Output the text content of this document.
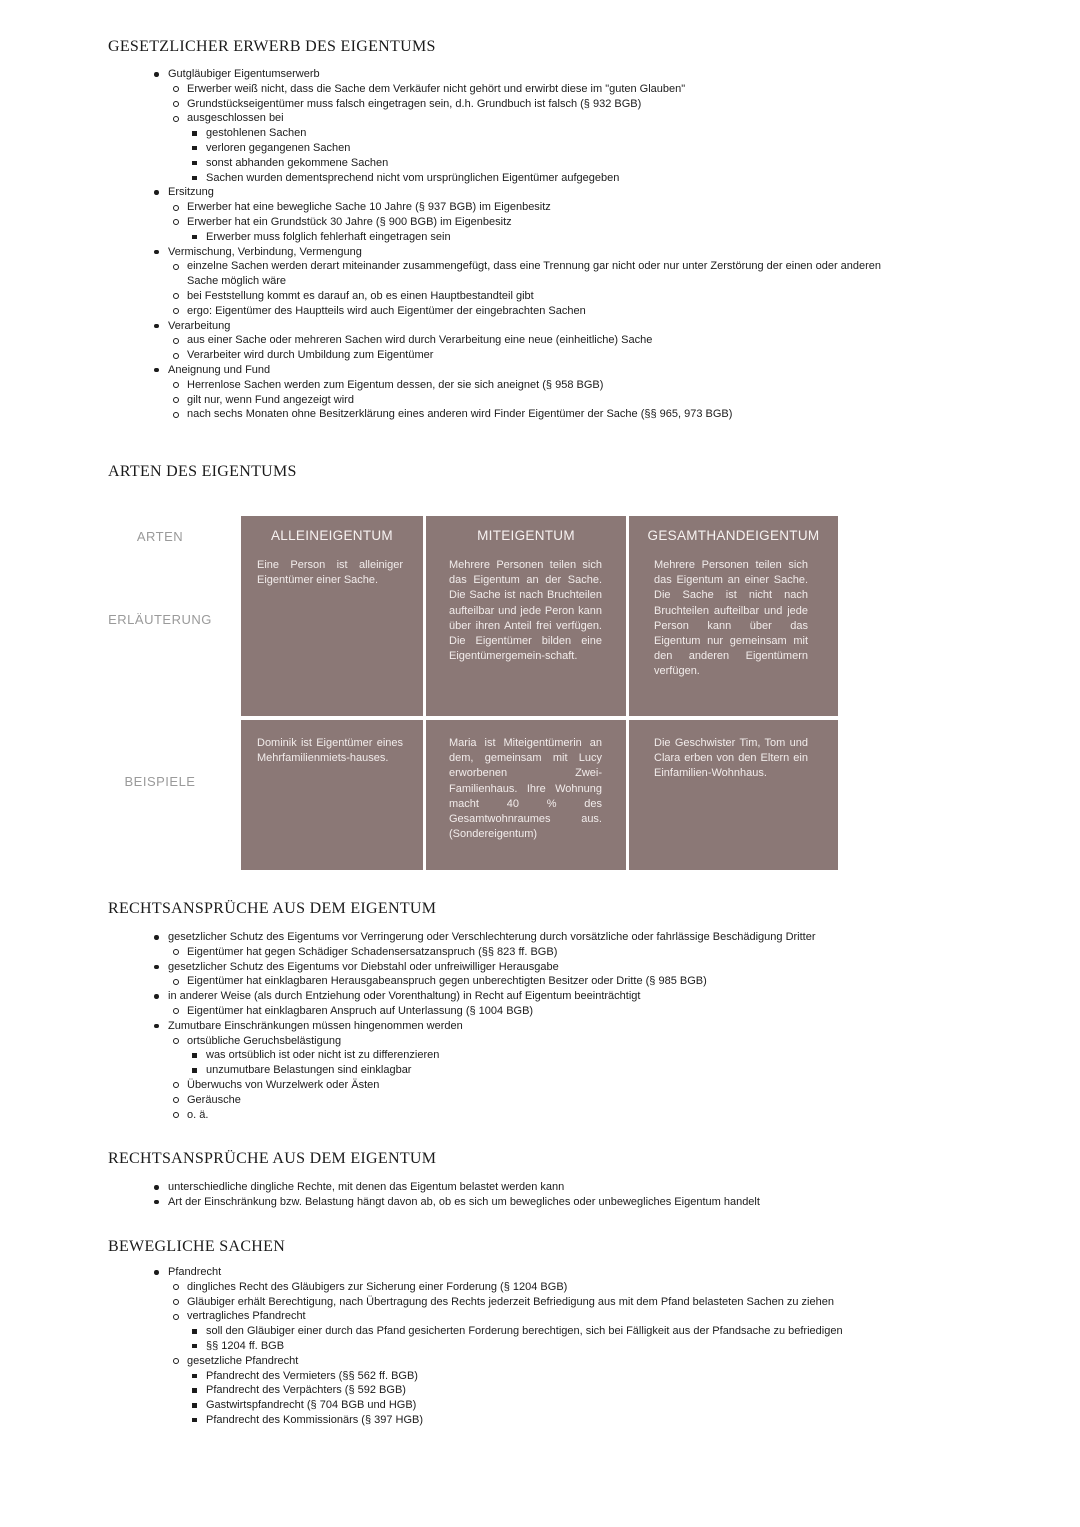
GESETZLICHER ERWERB DES EIGENTUMS
Gutgläubiger Eigentumserwerb
Erwerber weiß nicht, dass die Sache dem Verkäufer nicht gehört und erwirbt diese im "guten Glauben"
Grundstückseigentümer muss falsch eingetragen sein, d.h. Grundbuch ist falsch (§ 932 BGB)
ausgeschlossen bei
gestohlenen Sachen
verloren gegangenen Sachen
sonst abhanden gekommene Sachen
Sachen wurden dementsprechend nicht vom ursprünglichen Eigentümer aufgegeben
Ersitzung
Erwerber hat eine bewegliche Sache 10 Jahre (§ 937 BGB) im Eigenbesitz
Erwerber hat ein Grundstück 30 Jahre (§ 900 BGB) im Eigenbesitz
Erwerber muss folglich fehlerhaft eingetragen sein
Vermischung, Verbindung, Vermengung
einzelne Sachen werden derart miteinander zusammengefügt, dass eine Trennung gar nicht oder nur unter Zerstörung der einen oder anderen Sache möglich wäre
bei Feststellung kommt es darauf an, ob es einen Hauptbestandteil gibt
ergo: Eigentümer des Hauptteils wird auch Eigentümer der eingebrachten Sachen
Verarbeitung
aus einer Sache oder mehreren Sachen wird durch Verarbeitung eine neue (einheitliche) Sache
Verarbeiter wird durch Umbildung zum Eigentümer
Aneignung und Fund
Herrenlose Sachen werden zum Eigentum dessen, der sie sich aneignet (§ 958 BGB)
gilt nur, wenn Fund angezeigt wird
nach sechs Monaten ohne Besitzerklärung eines anderen wird Finder Eigentümer der Sache (§§ 965, 973 BGB)
ARTEN DES EIGENTUMS
ARTEN
ERLÄUTERUNG
BEISPIELE
ALLEINEIGENTUM
Eine Person ist alleiniger Eigentümer einer Sache.
MITEIGENTUM
Mehrere Personen teilen sich das Eigentum an der Sache. Die Sache ist nach Bruchteilen aufteilbar und jede Peron kann über ihren Anteil frei verfügen. Die Eigentümer bilden eine Eigentümergemein-schaft.
GESAMTHANDEIGENTUM
Mehrere Personen teilen sich das Eigentum an einer Sache. Die Sache ist nicht nach Bruchteilen aufteilbar und jede Person kann über das Eigentum nur gemeinsam mit den anderen Eigentümern verfügen.
Dominik ist Eigentümer eines Mehrfamilienmiets-hauses.
Maria ist Miteigentümerin an dem, gemeinsam mit Lucy erworbenen Zwei-Familienhaus. Ihre Wohnung macht 40 % des Gesamtwohnraumes aus. (Sondereigentum)
Die Geschwister Tim, Tom und Clara erben von den Eltern ein Einfamilien-Wohnhaus.
RECHTSANSPRÜCHE AUS DEM EIGENTUM
gesetzlicher Schutz des Eigentums vor Verringerung oder Verschlechterung durch vorsätzliche oder fahrlässige Beschädigung Dritter
Eigentümer hat gegen Schädiger Schadensersatzanspruch (§§ 823 ff. BGB)
gesetzlicher Schutz des Eigentums vor Diebstahl oder unfreiwilliger Herausgabe
Eigentümer hat einklagbaren Herausgabeanspruch gegen unberechtigten Besitzer oder Dritte (§ 985 BGB)
in anderer Weise (als durch Entziehung oder Vorenthaltung) in Recht auf Eigentum beeinträchtigt
Eigentümer hat einklagbaren Anspruch auf Unterlassung (§ 1004 BGB)
Zumutbare Einschränkungen müssen hingenommen werden
ortsübliche Geruchsbelästigung
was ortsüblich ist oder nicht ist zu differenzieren
unzumutbare Belastungen sind einklagbar
Überwuchs von Wurzelwerk oder Ästen
Geräusche
o. ä.
RECHTSANSPRÜCHE AUS DEM EIGENTUM
unterschiedliche dingliche Rechte, mit denen das Eigentum belastet werden kann
Art der Einschränkung bzw. Belastung hängt davon ab, ob es sich um bewegliches oder unbewegliches Eigentum handelt
BEWEGLICHE SACHEN
Pfandrecht
dingliches Recht des Gläubigers zur Sicherung einer Forderung (§ 1204 BGB)
Gläubiger erhält Berechtigung, nach Übertragung des Rechts jederzeit Befriedigung aus mit dem Pfand belasteten Sachen zu ziehen
vertragliches Pfandrecht
soll den Gläubiger einer durch das Pfand gesicherten Forderung berechtigen, sich bei Fälligkeit aus der Pfandsache zu befriedigen
§§ 1204 ff. BGB
gesetzliche Pfandrecht
Pfandrecht des Vermieters (§§ 562 ff. BGB)
Pfandrecht des Verpächters (§ 592 BGB)
Gastwirtspfandrecht (§ 704 BGB und HGB)
Pfandrecht des Kommissionärs (§ 397 HGB)
